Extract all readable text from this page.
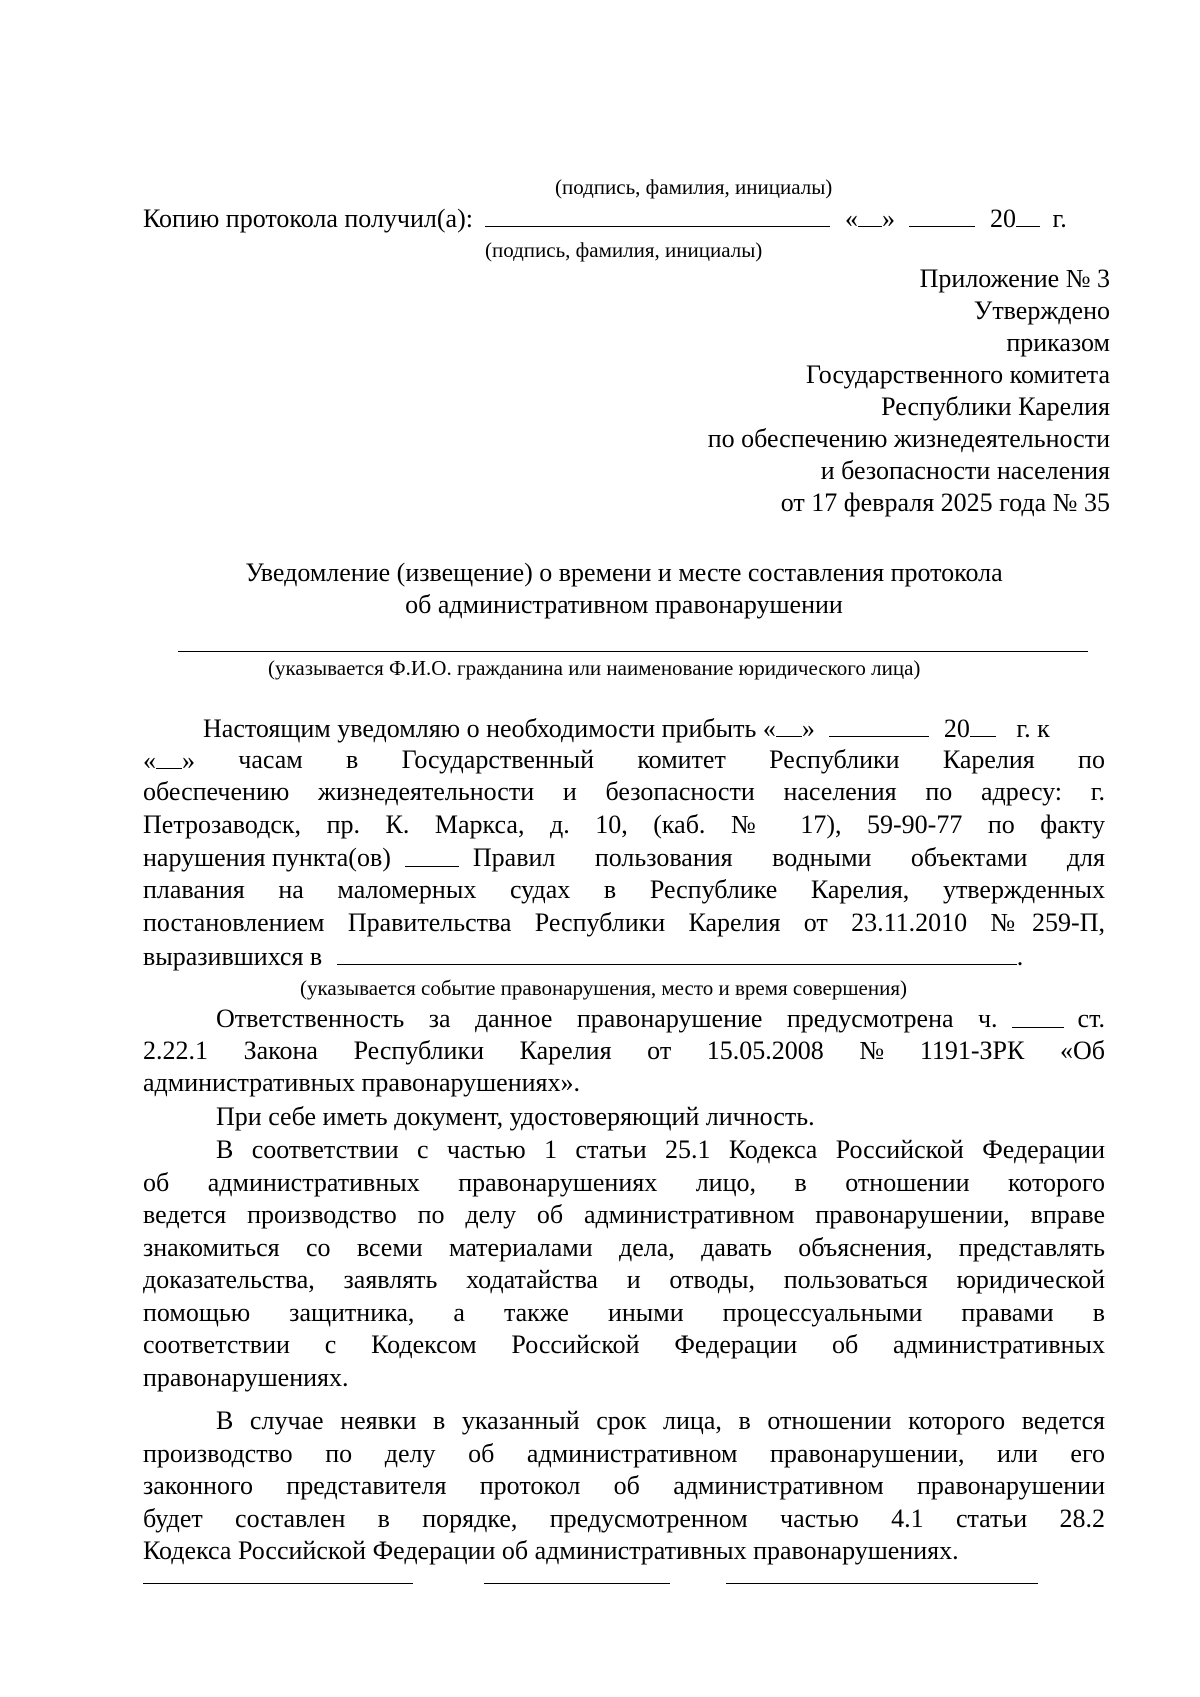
(подпись, фамилия, инициалы)
Копию протокола получил(а):	« »	20 г.
(подпись, фамилия, инициалы)
Приложение № 3
Утверждено
приказом
Государственного комитета
Республики Карелия
по обеспечению жизнедеятельности
и безопасности населения
от 17 февраля 2025 года № 35
Уведомление (извещение) о времени и месте составления протокола
об административном правонарушении
(указывается Ф.И.О. гражданина или наименование юридического лица)
Настоящим уведомляю о необходимости прибыть « »	20 г. к
« » часам в Государственный комитет Республики Карелия по
обеспечению жизнедеятельности и безопасности населения по адресу: г.
Петрозаводск, пр. К. Маркса, д. 10, (каб. № 17), 59-90-77 по факту
нарушения пункта(ов)	Правил пользования водными объектами для
плавания на маломерных судах в Республике Карелия, утвержденных
постановлением Правительства Республики Карелия от 23.11.2010 №259-П,
выразившихся в	.
(указывается событие правонарушения, место и время совершения)
Ответственность за данное правонарушение предусмотрена ч.	ст.
2.22.1 Закона Республики Карелия от 15.05.2008 № 1191-ЗРК «Об
административных правонарушениях».
При себе иметь документ, удостоверяющий личность.
В соответствии с частью 1 статьи 25.1 Кодекса Российской Федерации
об административных правонарушениях лицо, в отношении которого
ведется производство по делу об административном правонарушении, вправе
знакомиться со всеми материалами дела, давать объяснения, представлять
доказательства, заявлять ходатайства и отводы, пользоваться юридической
помощью защитника, а также иными процессуальными правами в
соответствии с Кодексом Российской Федерации об административных
правонарушениях.
В случае неявки в указанный срок лица, в отношении которого ведется
производство по делу об административном правонарушении, или его
законного представителя протокол об административном правонарушении
будет составлен в порядке, предусмотренном частью 4.1 статьи 28.2
Кодекса Российской Федерации об административных правонарушениях.
